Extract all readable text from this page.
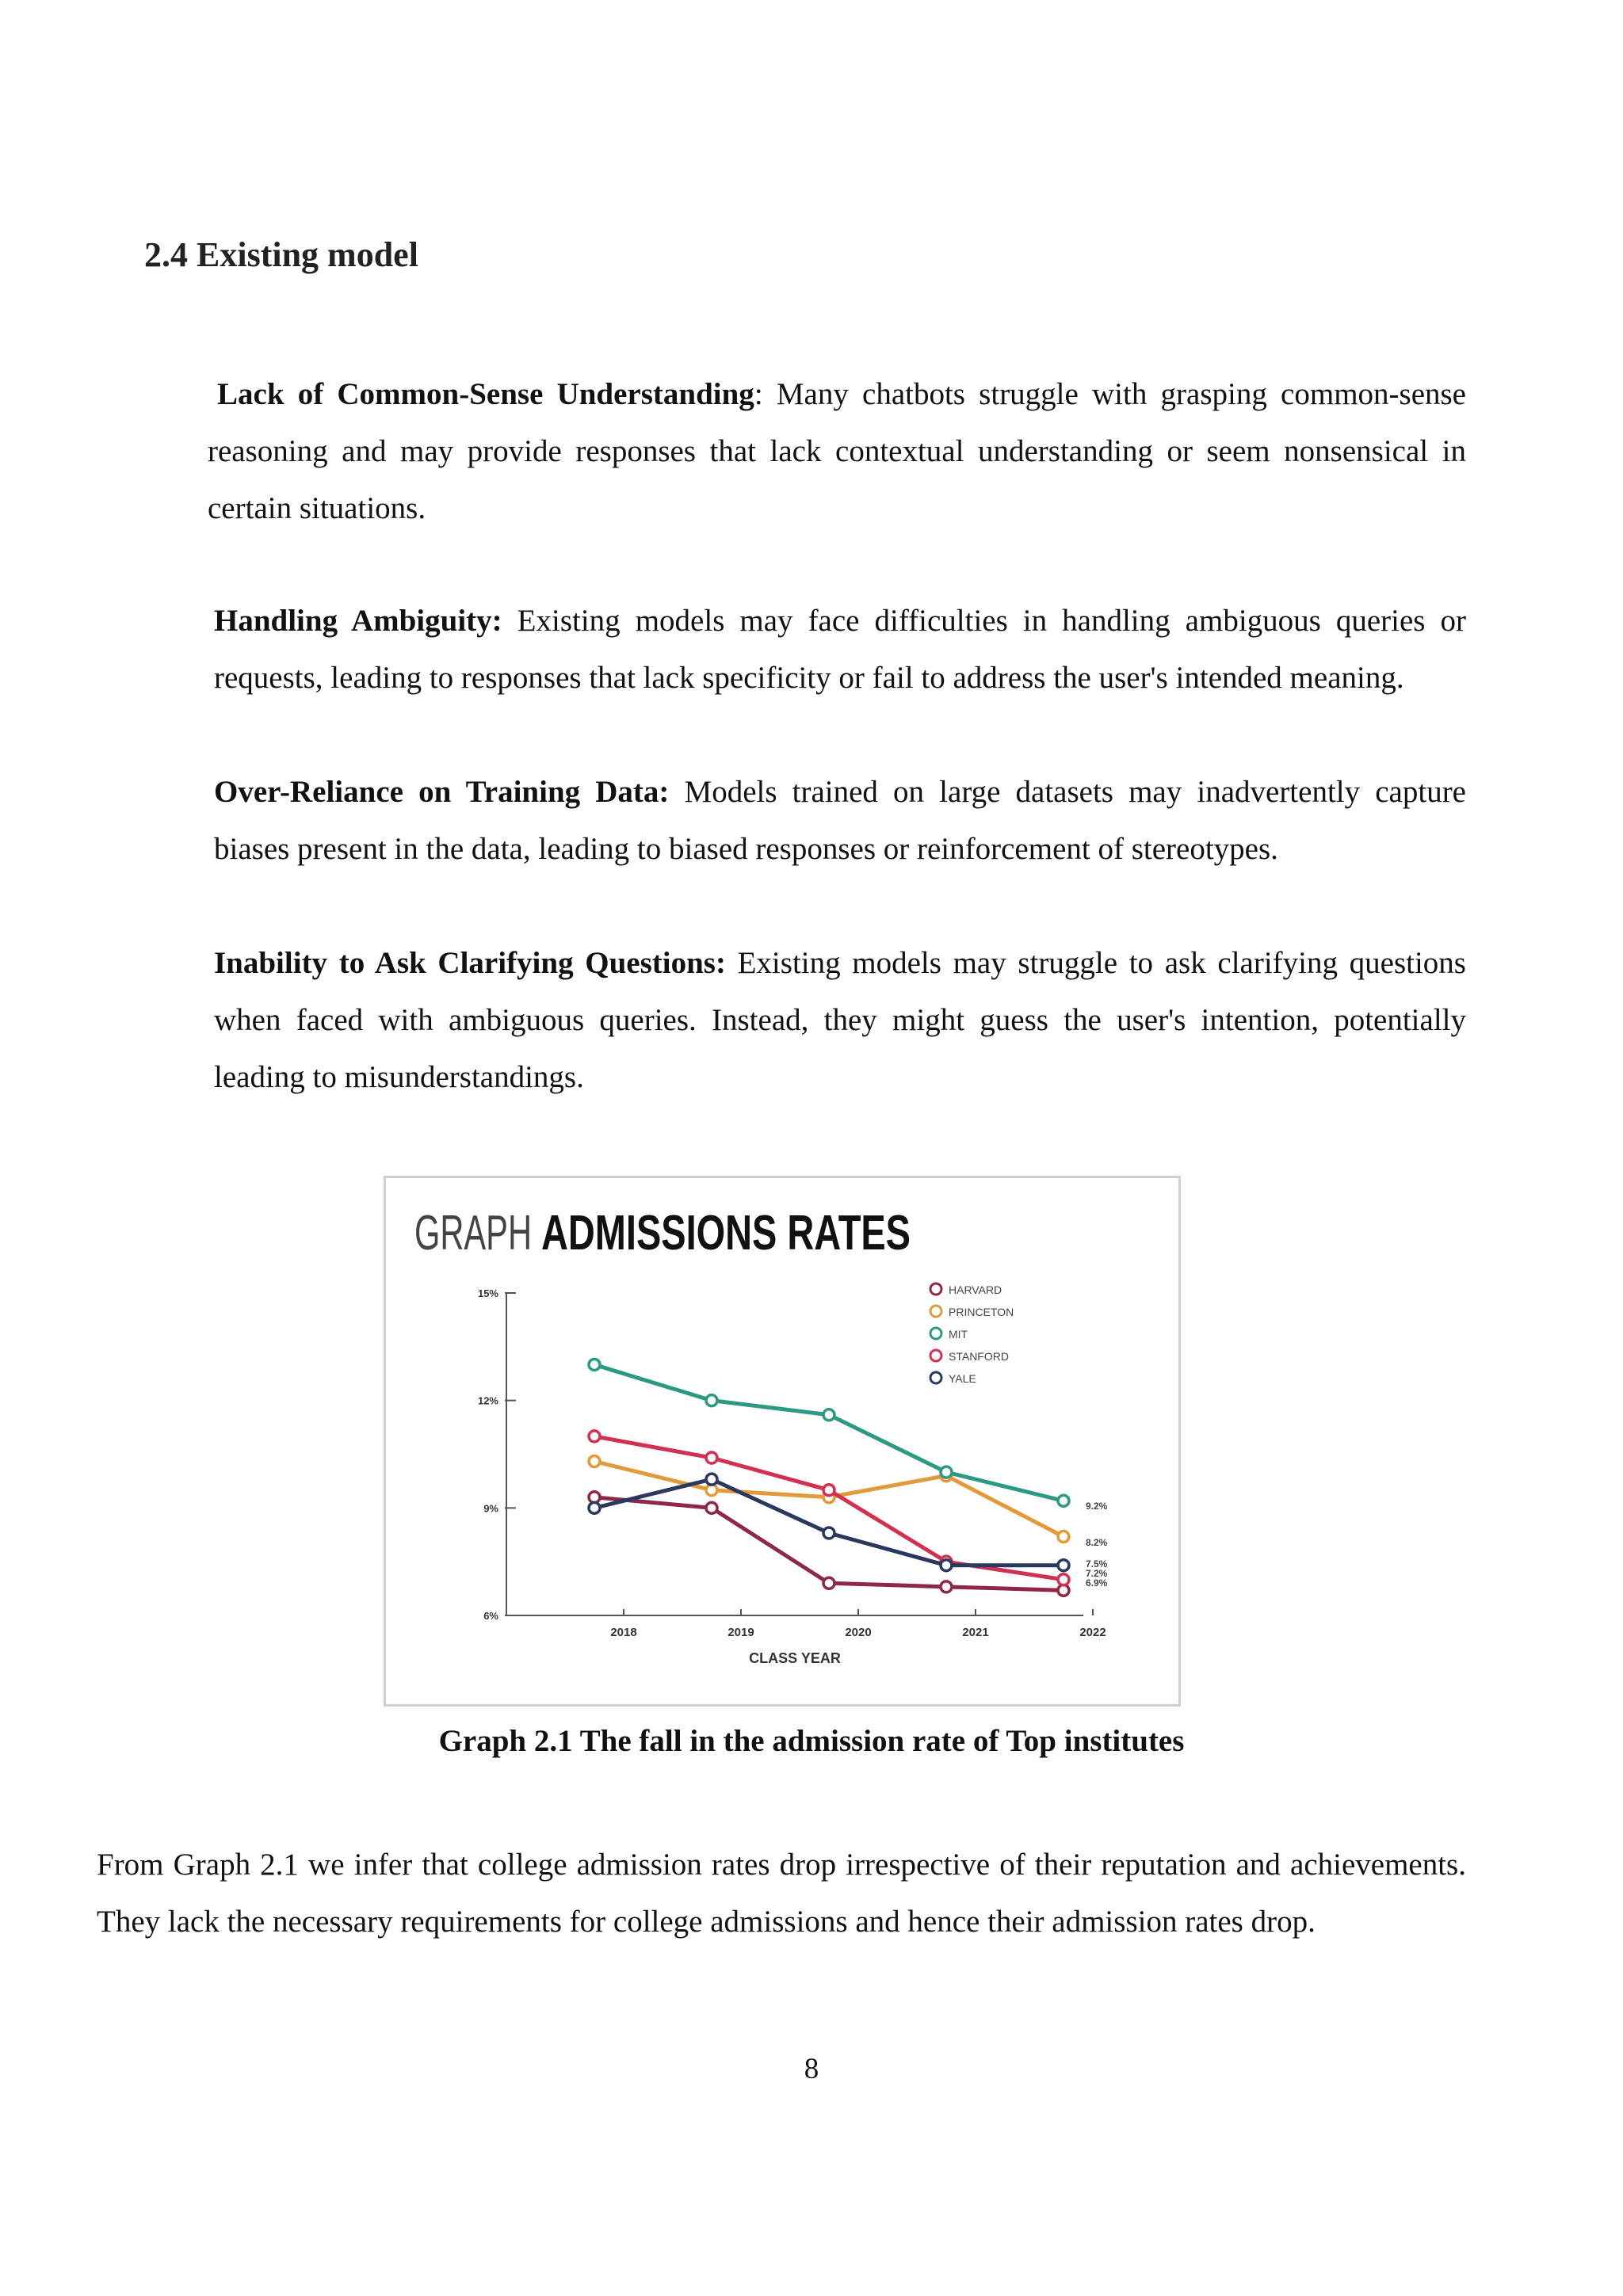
2.4 Existing model

Lack of Common-Sense Understanding: Many chatbots struggle with grasping common-sense reasoning and may provide responses that lack contextual understanding or seem nonsensical in certain situations.

Handling Ambiguity: Existing models may face difficulties in handling ambiguous queries or requests, leading to responses that lack specificity or fail to address the user's intended meaning.

Over-Reliance on Training Data: Models trained on large datasets may inadvertently capture biases present in the data, leading to biased responses or reinforcement of stereotypes.

Inability to Ask Clarifying Questions: Existing models may struggle to ask clarifying questions when faced with ambiguous queries. Instead, they might guess the user's intention, potentially leading to misunderstandings.

GRAPH ADMISSIONS RATES
15%
12%
9%
6%
2018	2019	2020	2021	2022
CLASS YEAR
6.9%
8.2%
9.2%
7.2%
7.5%
HARVARD
PRINCETON
MIT
STANFORD
YALE

Graph 2.1 The fall in the admission rate of Top institutes

From Graph 2.1 we infer that college admission rates drop irrespective of their reputation and achievements. They lack the necessary requirements for college admissions and hence their admission rates drop.

8
